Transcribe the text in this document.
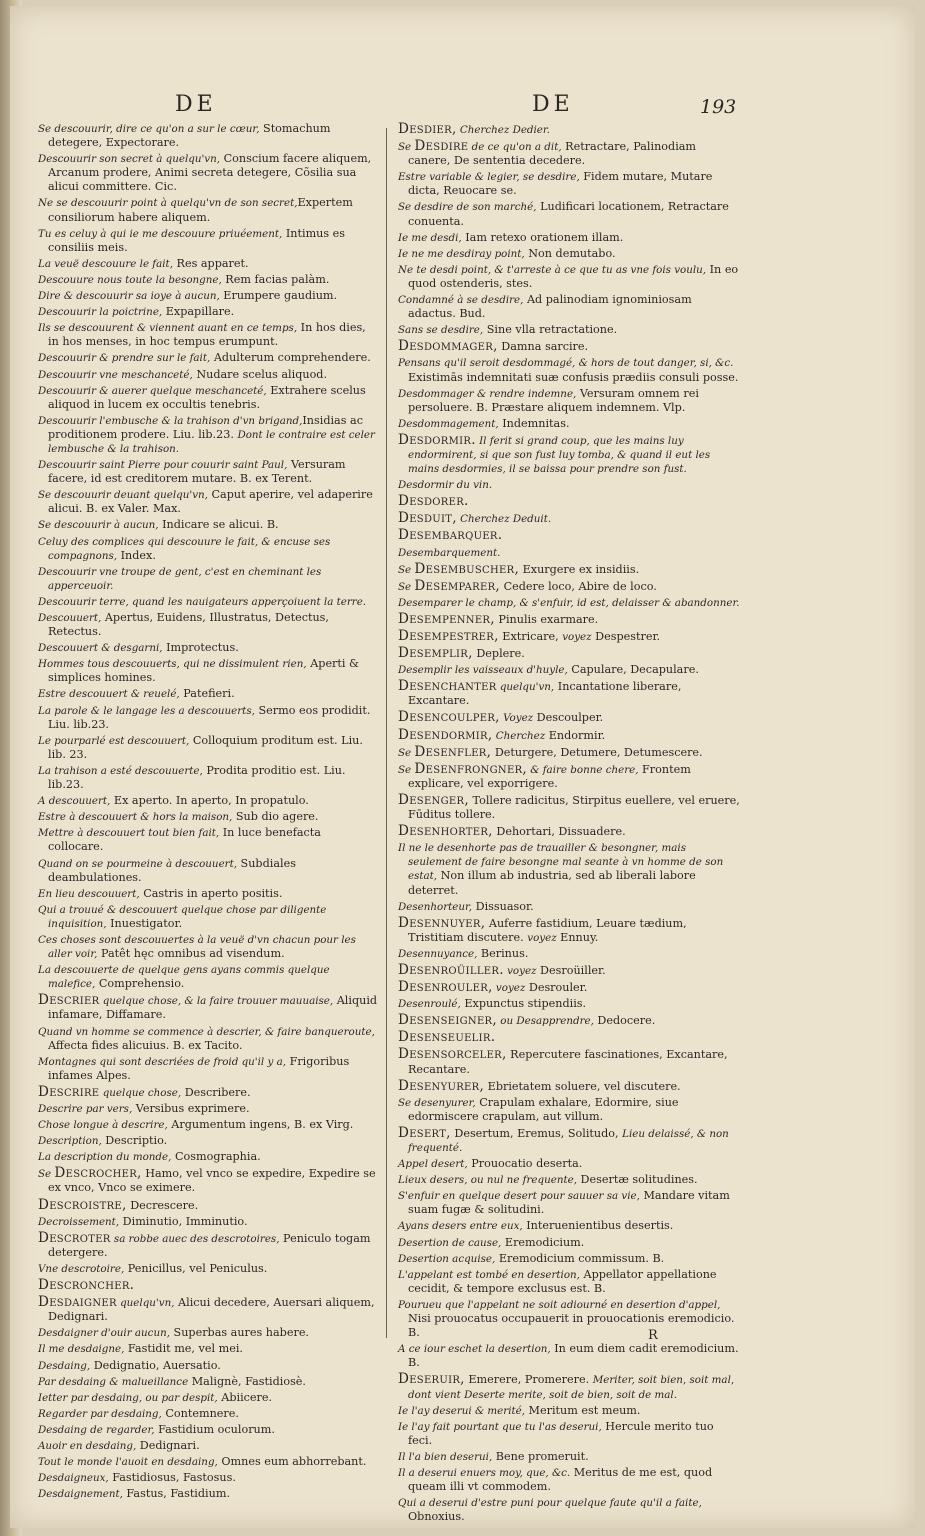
DE	DE	193
Se descouurir, dire ce qu'on a sur le cœur, Stomachum detegere, Expectorare.
Descouurir son secret à quelqu'vn, Conscium facere aliquem, Arcanum prodere, Animi secreta detegere, Cõsilia sua alicui committere. Cic.
Ne se descouurir point à quelqu'vn de son secret,Expertem consiliorum habere aliquem.
Tu es celuy à qui ie me descouure priuéement, Intimus es consiliis meis.
La veuë descouure le fait, Res apparet.
Descouure nous toute la besongne, Rem facias palàm.
Dire & descouurir sa ioye à aucun, Erumpere gaudium.
Descouurir la poictrine, Expapillare.
Ils se descouurent & viennent auant en ce temps, In hos dies, in hos menses, in hoc tempus erumpunt.
Descouurir & prendre sur le fait, Adulterum comprehendere.
Descouurir vne meschanceté, Nudare scelus aliquod.
Descouurir & auerer quelque meschanceté, Extrahere scelus aliquod in lucem ex occultis tenebris.
Descouurir l'embusche & la trahison d'vn brigand,Insidias ac proditionem prodere. Liu. lib.23. Dont le contraire est celer lembusche & la trahison.
Descouurir saint Pierre pour couurir saint Paul, Versuram facere, id est creditorem mutare. B. ex Terent.
Se descouurir deuant quelqu'vn, Caput aperire, vel adaperire alicui. B. ex Valer. Max.
Se descouurir à aucun, Indicare se alicui. B.
Celuy des complices qui descouure le fait, & encuse ses compagnons, Index.
Descouurir vne troupe de gent, c'est en cheminant les apperceuoir.
Descouurir terre, quand les nauigateurs apperçoiuent la terre.
Descouuert, Apertus, Euidens, Illustratus, Detectus, Retectus.
Descouuert & desgarni, Improtectus.
Hommes tous descouuerts, qui ne dissimulent rien, Aperti & simplices homines.
Estre descouuert & reuelé, Patefieri.
La parole & le langage les a descouuerts, Sermo eos prodidit. Liu. lib.23.
Le pourparlé est descouuert, Colloquium proditum est. Liu. lib. 23.
La trahison a esté descouuerte, Prodita proditio est. Liu. lib.23.
A descouuert, Ex aperto. In aperto, In propatulo.
Estre à descouuert & hors la maison, Sub dio agere.
Mettre à descouuert tout bien fait, In luce benefacta collocare.
Quand on se pourmeine à descouuert, Subdiales deambulationes.
En lieu descouuert, Castris in aperto positis.
Qui a trouué & descouuert quelque chose par diligente inquisition, Inuestigator.
Ces choses sont descouuertes à la veuë d'vn chacun pour les aller voir, Patêt hęc omnibus ad visendum.
La descouuerte de quelque gens ayans commis quelque malefice, Comprehensio.
Descrier quelque chose, & la faire trouuer mauuaise, Aliquid infamare, Diffamare.
Quand vn homme se commence à descrier, & faire banqueroute, Affecta fides alicuius. B. ex Tacito.
Montagnes qui sont descriées de froid qu'il y a, Frigoribus infames Alpes.
Descrire quelque chose, Describere.
Descrire par vers, Versibus exprimere.
Chose longue à descrire, Argumentum ingens, B. ex Virg.
Description, Descriptio.
La description du monde, Cosmographia.
Se Descrocher, Hamo, vel vnco se expedire, Expedire se ex vnco, Vnco se eximere.
Descroistre, Decrescere.
Decroissement, Diminutio, Imminutio.
Descroter sa robbe auec des descrotoires, Peniculo togam detergere.
Vne descrotoire, Penicillus, vel Peniculus.
Descroncher.
Desdaigner quelqu'vn, Alicui decedere, Auersari aliquem, Dedignari.
Desdaigner d'ouir aucun, Superbas aures habere.
Il me desdaigne, Fastidit me, vel mei.
Desdaing, Dedignatio, Auersatio.
Par desdaing & malueillance Malignè, Fastidiosè.
Ietter par desdaing, ou par despit, Abiicere.
Regarder par desdaing, Contemnere.
Desdaing de regarder, Fastidium oculorum.
Auoir en desdaing, Dedignari.
Tout le monde l'auoit en desdaing, Omnes eum abhorrebant.
Desdaigneux, Fastidiosus, Fastosus.
Desdaignement, Fastus, Fastidium.
Desdier, Cherchez Dedier.
Se Desdire de ce qu'on a dit, Retractare, Palinodiam canere, De sententia decedere.
Estre variable & legier, se desdire, Fidem mutare, Mutare dicta, Reuocare se.
Se desdire de son marché, Ludificari locationem, Retractare conuenta.
Ie me desdi, Iam retexo orationem illam.
Ie ne me desdiray point, Non demutabo.
Ne te desdi point, & t'arreste à ce que tu as vne fois voulu, In eo quod ostenderis, stes.
Condamné à se desdire, Ad palinodiam ignominiosam adactus. Bud.
Sans se desdire, Sine vlla retractatione.
Desdommager, Damna sarcire.
Pensans qu'il seroit desdommagé, & hors de tout danger, si, &c. Existimās indemnitati suæ confusis prædiis consuli posse.
Desdommager & rendre indemne, Versuram omnem rei persoluere. B. Præstare aliquem indemnem. Vlp.
Desdommagement, Indemnitas.
Desdormir. Il ferit si grand coup, que les mains luy endormirent, si que son fust luy tomba, & quand il eut les mains desdormies, il se baissa pour prendre son fust.
Desdormir du vin.
Desdorer.
Desduit, Cherchez Deduit.
Desembarquer.
Desembarquement.
Se Desembuscher, Exurgere ex insidiis.
Se Desemparer, Cedere loco, Abire de loco.
Desemparer le champ, & s'enfuir, id est, delaisser & abandonner.
Desempenner, Pinulis exarmare.
Desempestrer, Extricare, voyez Despestrer.
Desemplir, Deplere.
Desemplir les vaisseaux d'huyle, Capulare, Decapulare.
Desenchanter quelqu'vn, Incantatione liberare, Excantare.
Desencoulper, Voyez Descoulper.
Desendormir, Cherchez Endormir.
Se Desenfler, Deturgere, Detumere, Detumescere.
Se Desenfrongner, & faire bonne chere, Frontem explicare, vel exporrigere.
Desenger, Tollere radicitus, Stirpitus euellere, vel eruere, Fūditus tollere.
Desenhorter, Dehortari, Dissuadere.
Il ne le desenhorte pas de trauailler & besongner, mais seulement de faire besongne mal seante à vn homme de son estat, Non illum ab industria, sed ab liberali labore deterret.
Desenhorteur, Dissuasor.
Desennuyer, Auferre fastidium, Leuare tædium, Tristitiam discutere. voyez Ennuy.
Desennuyance, Berinus.
Desenroüiller. voyez Desroüiller.
Desenrouler, voyez Desrouler.
Desenroulé, Expunctus stipendiis.
Desenseigner, ou Desapprendre, Dedocere.
Desenseuelir.
Desensorceler, Repercutere fascinationes, Excantare, Recantare.
Desenyurer, Ebrietatem soluere, vel discutere.
Se desenyurer, Crapulam exhalare, Edormire, siue edormiscere crapulam, aut villum.
Desert, Desertum, Eremus, Solitudo, Lieu delaissé, & non frequenté.
Appel desert, Prouocatio deserta.
Lieux desers, ou nul ne frequente, Desertæ solitudines.
S'enfuir en quelque desert pour sauuer sa vie, Mandare vitam suam fugæ & solitudini.
Ayans desers entre eux, Interuenientibus desertis.
Desertion de cause, Eremodicium.
Desertion acquise, Eremodicium commissum. B.
L'appelant est tombé en desertion, Appellator appellatione cecidit, & tempore exclusus est. B.
Pourueu que l'appelant ne soit adiourné en desertion d'appel, Nisi prouocatus occupauerit in prouocationis eremodicio. B.
A ce iour eschet la desertion, In eum diem cadit eremodicium. B.
Deseruir, Emerere, Promerere. Meriter, soit bien, soit mal, dont vient Deserte merite, soit de bien, soit de mal.
Ie l'ay deserui & merité, Meritum est meum.
Ie l'ay fait pourtant que tu l'as deserui, Hercule merito tuo feci.
Il l'a bien deserui, Bene promeruit.
Il a deserui enuers moy, que, &c. Meritus de me est, quod queam illi vt commodem.
Qui a deserui d'estre puni pour quelque faute qu'il a faite, Obnoxius.
R
